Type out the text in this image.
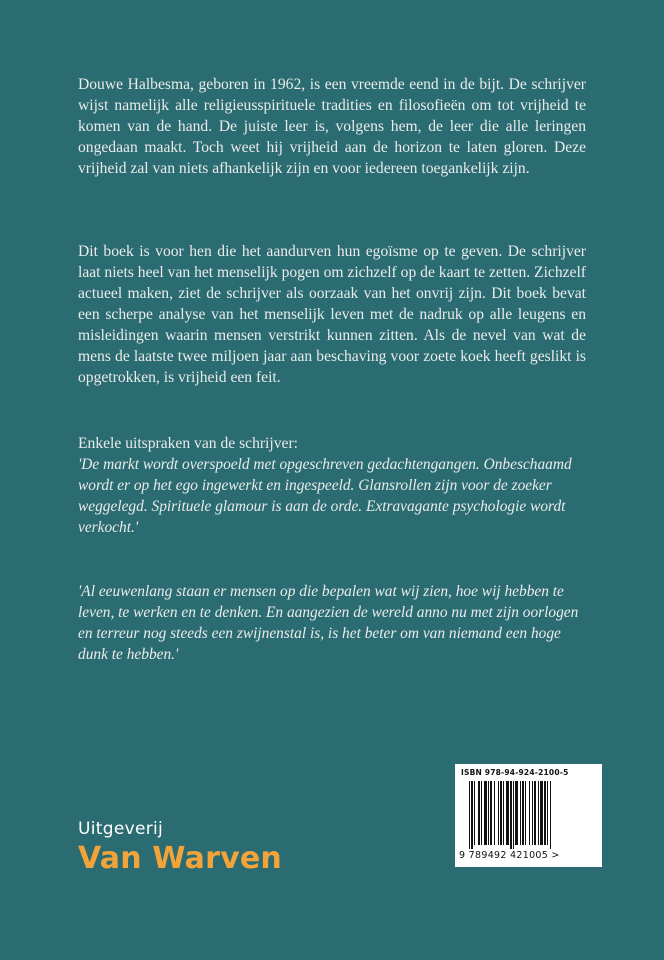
Douwe Halbesma, geboren in 1962, is een vreemde eend in de bijt. De schrijver wijst namelijk alle religieusspirituele tradities en filosofieën om tot vrijheid te komen van de hand. De juiste leer is, volgens hem, de leer die alle leringen ongedaan maakt. Toch weet hij vrijheid aan de horizon te laten gloren. Deze vrijheid zal van niets afhankelijk zijn en voor iedereen toegankelijk zijn.

Dit boek is voor hen die het aandurven hun egoïsme op te geven. De schrijver laat niets heel van het menselijk pogen om zichzelf op de kaart te zetten. Zichzelf actueel maken, ziet de schrijver als oorzaak van het onvrij zijn. Dit boek bevat een scherpe analyse van het menselijk leven met de nadruk op alle leugens en misleidingen waarin mensen verstrikt kunnen zitten. Als de nevel van wat de mens de laatste twee miljoen jaar aan beschaving voor zoete koek heeft geslikt is opgetrokken, is vrijheid een feit.

Enkele uitspraken van de schrijver:
'De markt wordt overspoeld met opgeschreven gedachtengangen. Onbeschaamd wordt er op het ego ingewerkt en ingespeeld. Glansrollen zijn voor de zoeker weggelegd. Spirituele glamour is aan de orde. Extravagante psychologie wordt verkocht.'
'Al eeuwenlang staan er mensen op die bepalen wat wij zien, hoe wij hebben te leven, te werken en te denken. En aangezien de wereld anno nu met zijn oorlogen en terreur nog steeds een zwijnenstal is, is het beter om van niemand een hoge dunk te hebben.'
Uitgeverij
Van Warven
ISBN 978-94-924-2100-5
9 789492 421005 >
